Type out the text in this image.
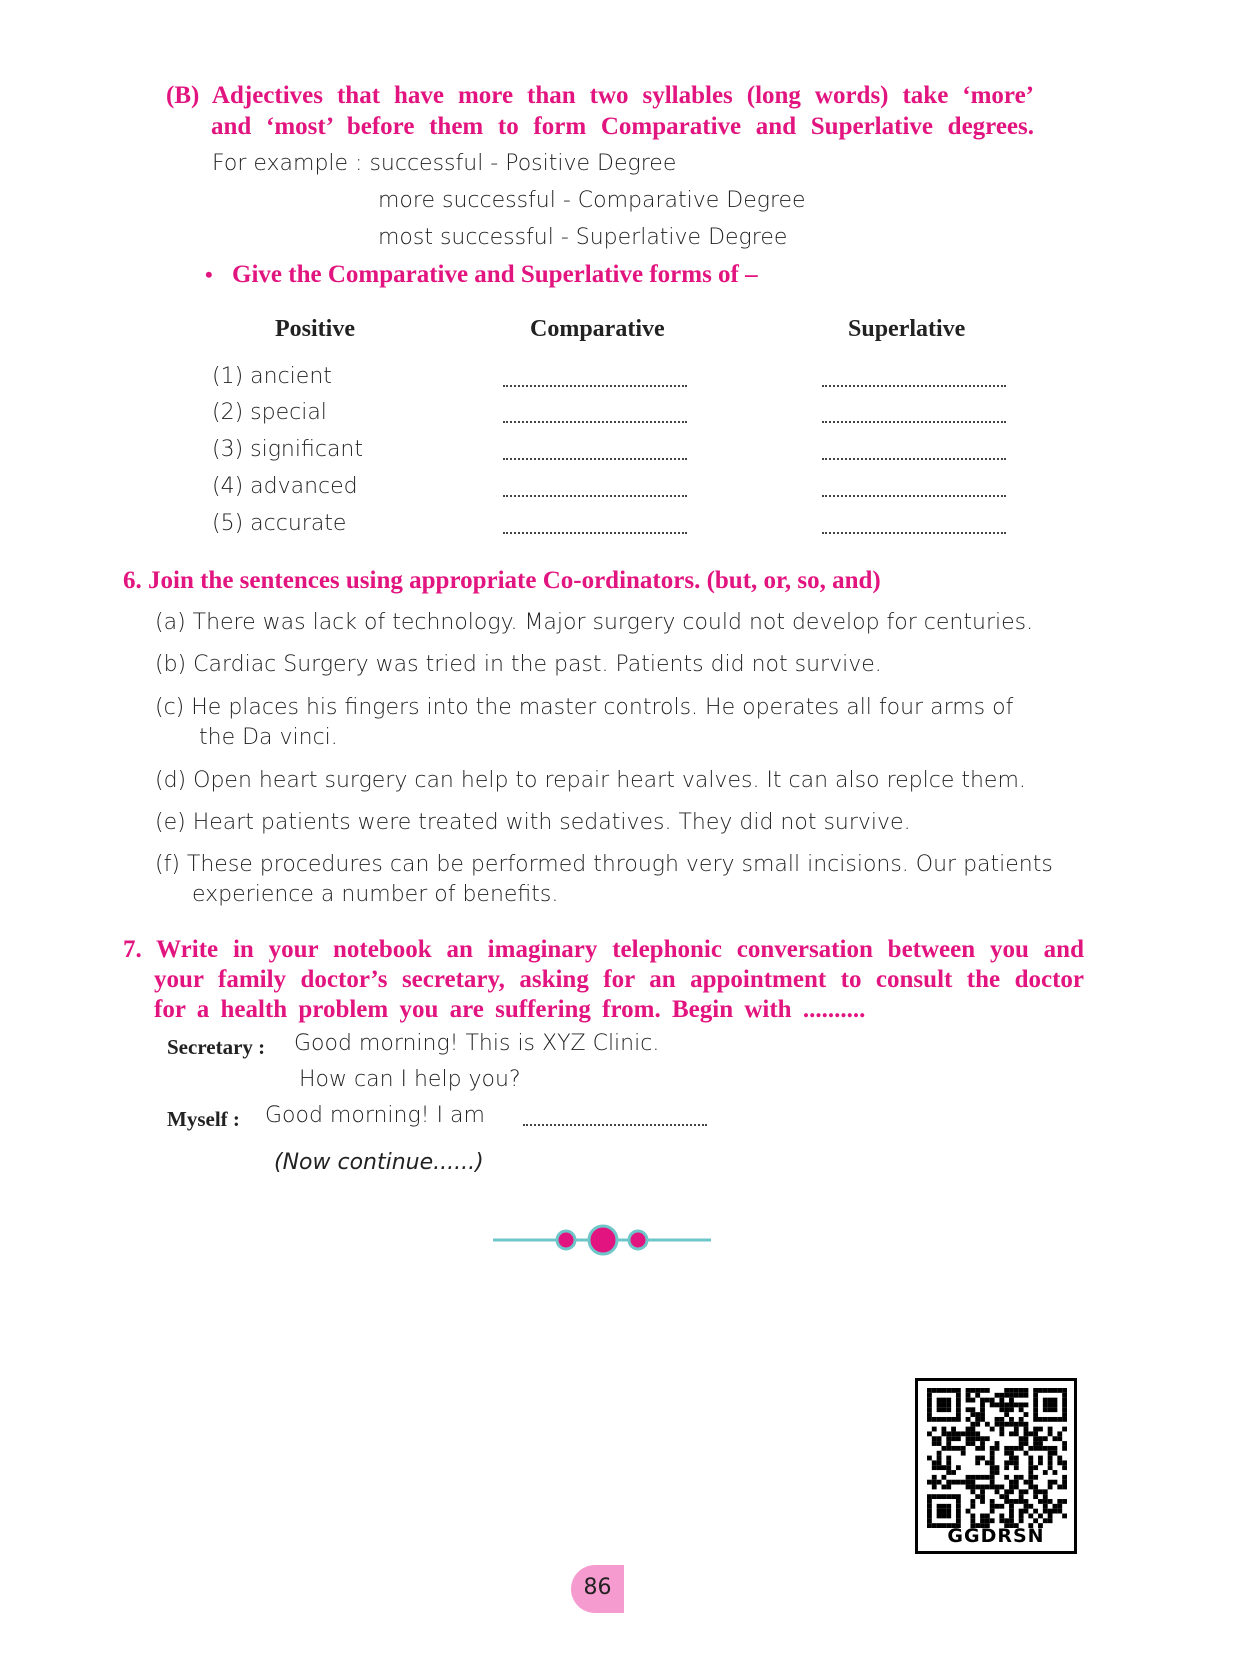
(B) Adjectives that have more than two syllables (long words) take ‘more’
and ‘most’ before them to form Comparative and Superlative degrees.
For example : successful - Positive Degree
more successful - Comparative Degree
most successful - Superlative Degree
• Give the Comparative and Superlative forms of –
Positive	Comparative	Superlative
(1) ancient
(2) special
(3) significant
(4) advanced
(5) accurate
6. Join the sentences using appropriate Co-ordinators. (but, or, so, and)
(a) There was lack of technology. Major surgery could not develop for centuries.
(b) Cardiac Surgery was tried in the past. Patients did not survive.
(c) He places his fingers into the master controls. He operates all four arms of
the Da vinci.
(d) Open heart surgery can help to repair heart valves. It can also replce them.
(e) Heart patients were treated with sedatives. They did not survive.
(f) These procedures can be performed through very small incisions. Our patients
experience a number of benefits.
7. Write in your notebook an imaginary telephonic conversation between you and
your family doctor’s secretary, asking for an appointment to consult the doctor
for a health problem you are suffering from. Begin with ..........
Secretary : Good morning! This is XYZ Clinic.
How can I help you?
Myself : Good morning! I am
(Now continue......)
GGDRSN
86
